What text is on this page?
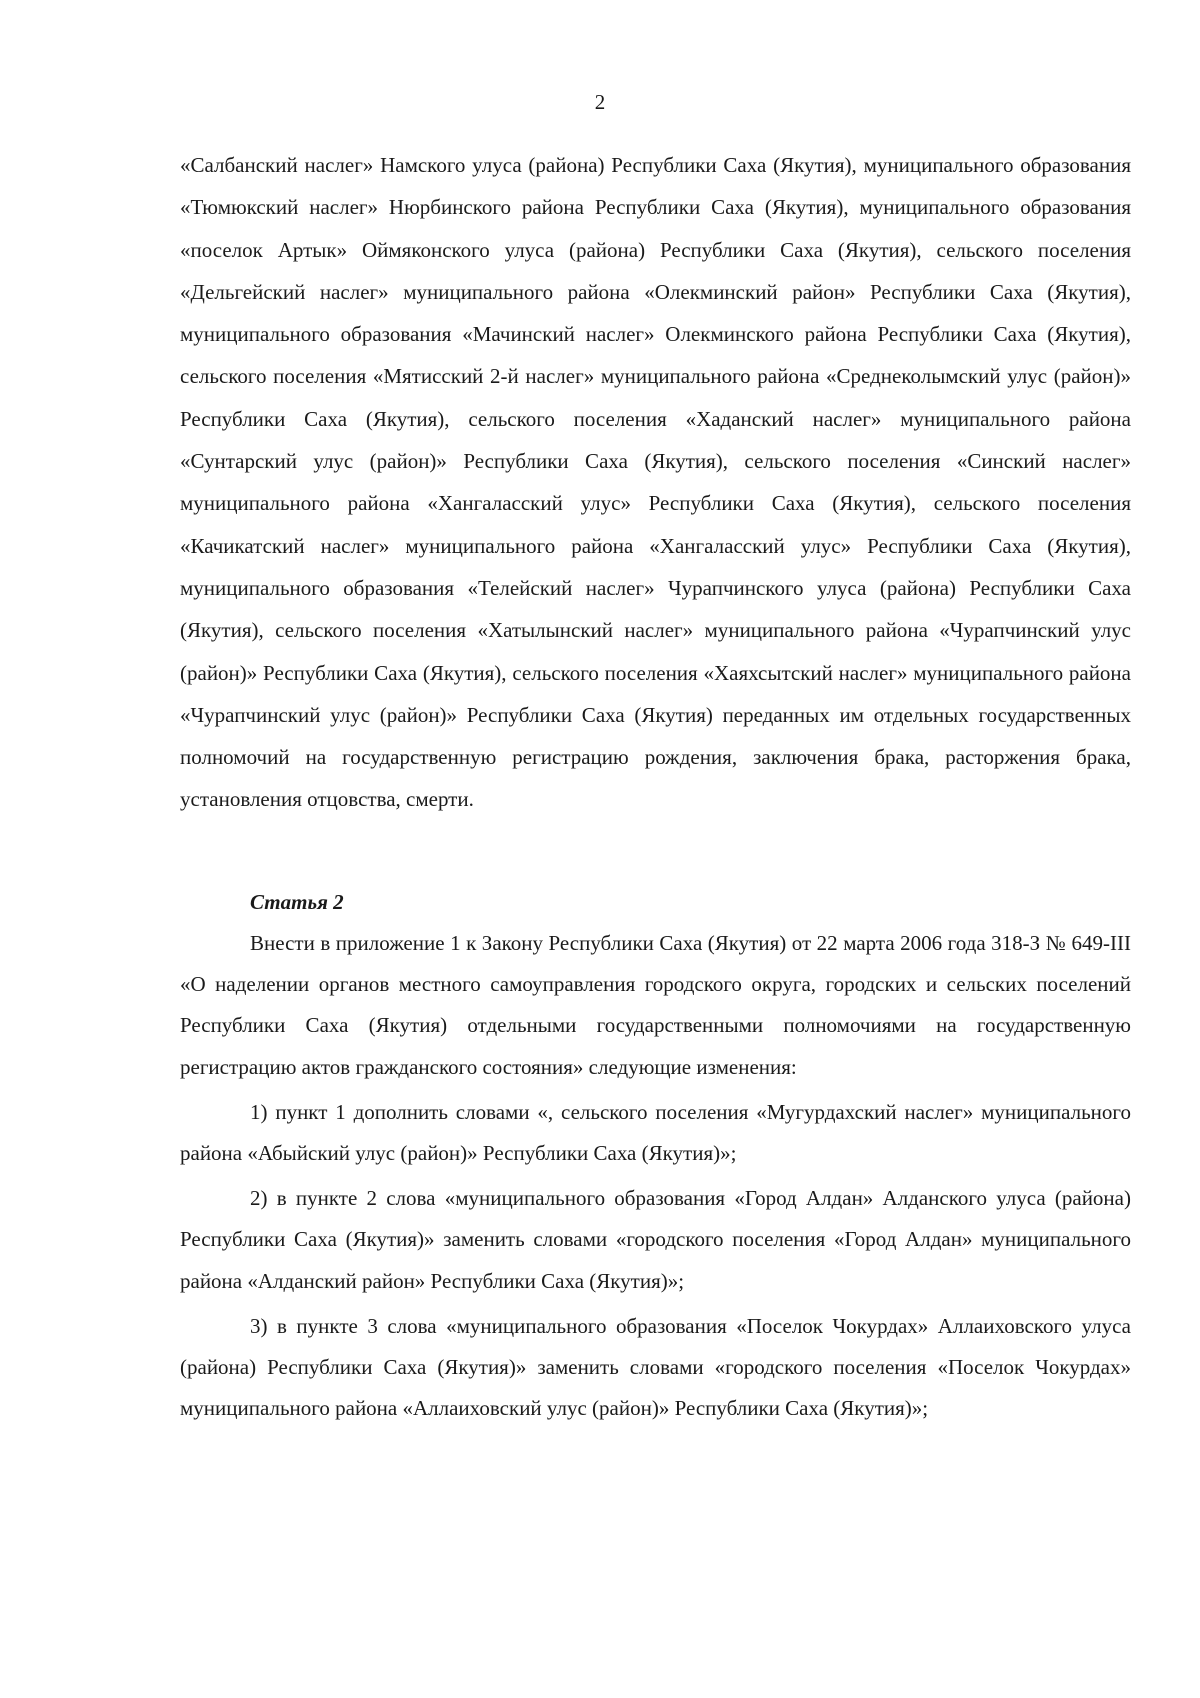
2

«Салбанский наслег» Намского улуса (района) Республики Саха (Якутия), муниципального образования «Тюмюкский наслег» Нюрбинского района Республики Саха (Якутия), муниципального образования «поселок Артык» Оймяконского улуса (района) Республики Саха (Якутия), сельского поселения «Дельгейский наслег» муниципального района «Олекминский район» Республики Саха (Якутия), муниципального образования «Мачинский наслег» Олекминского района Республики Саха (Якутия), сельского поселения «Мятисский 2-й наслег» муниципального района «Среднеколымский улус (район)» Республики Саха (Якутия), сельского поселения «Хаданский наслег» муниципального района «Сунтарский улус (район)» Республики Саха (Якутия), сельского поселения «Синский наслег» муниципального района «Хангаласский улус» Республики Саха (Якутия), сельского поселения «Качикатский наслег» муниципального района «Хангаласский улус» Республики Саха (Якутия), муниципального образования «Телейский наслег» Чурапчинского улуса (района) Республики Саха (Якутия), сельского поселения «Хатылынский наслег» муниципального района «Чурапчинский улус (район)» Республики Саха (Якутия), сельского поселения «Хаяхсытский наслег» муниципального района «Чурапчинский улус (район)» Республики Саха (Якутия) переданных им отдельных государственных полномочий на государственную регистрацию рождения, заключения брака, расторжения брака, установления отцовства, смерти.

Статья 2

Внести в приложение 1 к Закону Республики Саха (Якутия) от 22 марта 2006 года 318-З № 649-III «О наделении органов местного самоуправления городского округа, городских и сельских поселений Республики Саха (Якутия) отдельными государственными полномочиями на государственную регистрацию актов гражданского состояния» следующие изменения:

1) пункт 1 дополнить словами «, сельского поселения «Мугурдахский наслег» муниципального района «Абыйский улус (район)» Республики Саха (Якутия)»;

2) в пункте 2 слова «муниципального образования «Город Алдан» Алданского улуса (района) Республики Саха (Якутия)» заменить словами «городского поселения «Город Алдан» муниципального района «Алданский район» Республики Саха (Якутия)»;

3) в пункте 3 слова «муниципального образования «Поселок Чокурдах» Аллаиховского улуса (района) Республики Саха (Якутия)» заменить словами «городского поселения «Поселок Чокурдах» муниципального района «Аллаиховский улус (район)» Республики Саха (Якутия)»;
